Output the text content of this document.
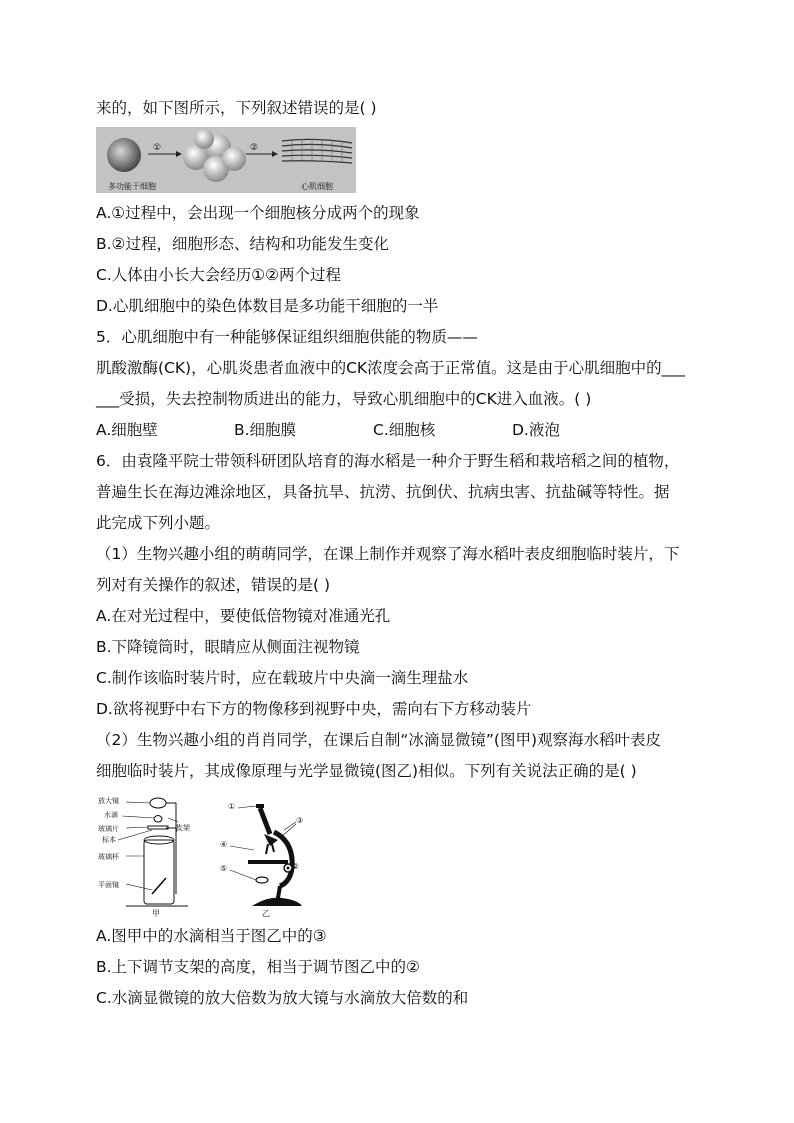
来的，如下图所示，下列叙述错误的是( )
多功能干细胞
①	②
心肌细胞
A.①过程中，会出现一个细胞核分成两个的现象
B.②过程，细胞形态、结构和功能发生变化
C.人体由小长大会经历①②两个过程
D.心肌细胞中的染色体数目是多功能干细胞的一半
5．心肌细胞中有一种能够保证组织细胞供能的物质——
肌酸激酶(CK)，心肌炎患者血液中的CK浓度会高于正常值。这是由于心肌细胞中的___
___受损，失去控制物质进出的能力，导致心肌细胞中的CK进入血液。( )
A.细胞壁	B.细胞膜	C.细胞核	D.液泡
6．由袁隆平院士带领科研团队培育的海水稻是一种介于野生稻和栽培稻之间的植物，
普遍生长在海边滩涂地区，具备抗旱、抗涝、抗倒伏、抗病虫害、抗盐碱等特性。据
此完成下列小题。
（1）生物兴趣小组的萌萌同学，在课上制作并观察了海水稻叶表皮细胞临时装片，下
列对有关操作的叙述，错误的是( )
A.在对光过程中，要使低倍物镜对准通光孔
B.下降镜筒时，眼睛应从侧面注视物镜
C.制作该临时装片时，应在载玻片中央滴一滴生理盐水
D.欲将视野中右下方的物像移到视野中央，需向右下方移动装片
（2）生物兴趣小组的肖肖同学，在课后自制“冰滴显微镜”(图甲)观察海水稻叶表皮
细胞临时装片，其成像原理与光学显微镜(图乙)相似。下列有关说法正确的是( )
放大镜
水滴
玻璃片
标本
玻璃杯
平面镜
支架
甲
①
③
④
⑤	②
乙
A.图甲中的水滴相当于图乙中的③
B.上下调节支架的高度，相当于调节图乙中的②
C.水滴显微镜的放大倍数为放大镜与水滴放大倍数的和
